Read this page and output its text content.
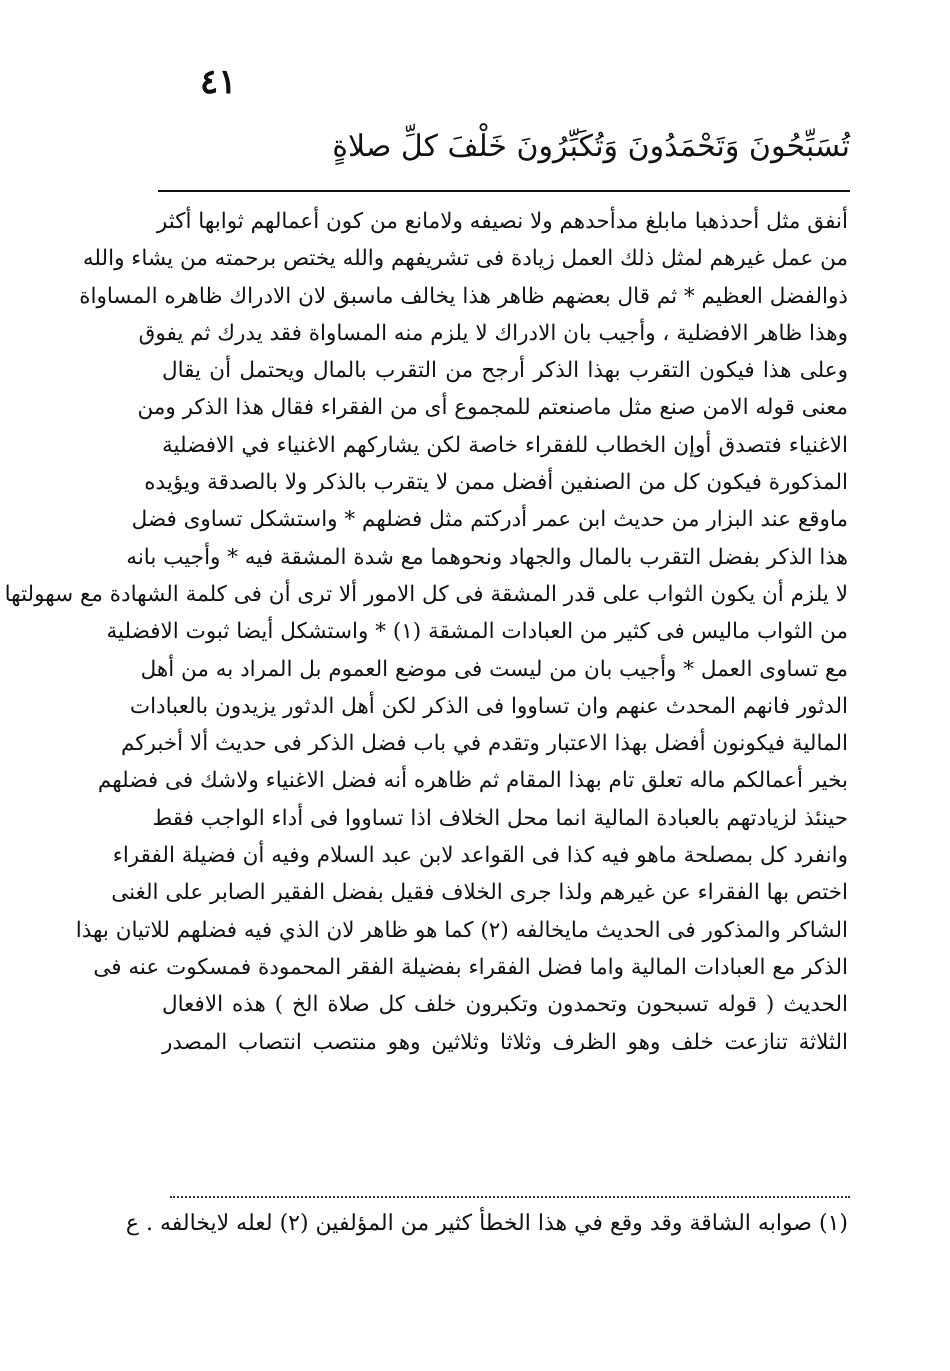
٤١
تُسَبِّحُونَ وَتَحْمَدُونَ وَتُكَبِّرُونَ خَلْفَ كلِّ صلاةٍ
أنفق مثل أحدذهبا مابلغ مدأحدهم ولا نصيفه ولامانع من كون أعمالهم ثوابها أكثر
من عمل غيرهم لمثل ذلك العمل زيادة فى تشريفهم والله يختص برحمته من يشاء والله
ذوالفضل العظيم * ثم قال بعضهم ظاهر هذا يخالف ماسبق لان الادراك ظاهره المساواة
وهذا ظاهر الافضلية ، وأجيب بان الادراك لا يلزم منه المساواة فقد يدرك ثم يفوق
وعلى هذا فيكون التقرب بهذا الذكر أرجح من التقرب بالمال ويحتمل أن يقال
معنى قوله الامن صنع مثل ماصنعتم للمجموع أى من الفقراء فقال هذا الذكر ومن
الاغنياء فتصدق أوإن الخطاب للفقراء خاصة لكن يشاركهم الاغنياء في الافضلية
المذكورة فيكون كل من الصنفين أفضل ممن لا يتقرب بالذكر ولا بالصدقة ويؤيده
ماوقع عند البزار من حديث ابن عمر أدركتم مثل فضلهم * واستشكل تساوى فضل
هذا الذكر بفضل التقرب بالمال والجهاد ونحوهما مع شدة المشقة فيه * وأجيب بانه
لا يلزم أن يكون الثواب على قدر المشقة فى كل الامور ألا ترى أن فى كلمة الشهادة مع سهولتها
من الثواب ماليس فى كثير من العبادات المشقة (١) * واستشكل أيضا ثبوت الافضلية
مع تساوى العمل * وأجيب بان من ليست فى موضع العموم بل المراد به من أهل
الدثور فانهم المحدث عنهم وان تساووا فى الذكر لكن أهل الدثور يزيدون بالعبادات
المالية فيكونون أفضل بهذا الاعتبار وتقدم في باب فضل الذكر فى حديث ألا أخبركم
بخير أعمالكم ماله تعلق تام بهذا المقام ثم ظاهره أنه فضل الاغنياء ولاشك فى فضلهم
حينئذ لزيادتهم بالعبادة المالية انما محل الخلاف اذا تساووا فى أداء الواجب فقط
وانفرد كل بمصلحة ماهو فيه كذا فى القواعد لابن عبد السلام وفيه أن فضيلة الفقراء
اختص بها الفقراء عن غيرهم ولذا جرى الخلاف فقيل بفضل الفقير الصابر على الغنى
الشاكر والمذكور فى الحديث مايخالفه (٢) كما هو ظاهر لان الذي فيه فضلهم للاتيان بهذا
الذكر مع العبادات المالية واما فضل الفقراء بفضيلة الفقر المحمودة فمسكوت عنه فى
الحديث ( قوله تسبحون وتحمدون وتكبرون خلف كل صلاة الخ ) هذه الافعال
الثلاثة تنازعت خلف وهو الظرف وثلاثا وثلاثين وهو منتصب انتصاب المصدر
(١) صوابه الشاقة وقد وقع في هذا الخطأ كثير من المؤلفين (٢) لعله لايخالفه . ع
